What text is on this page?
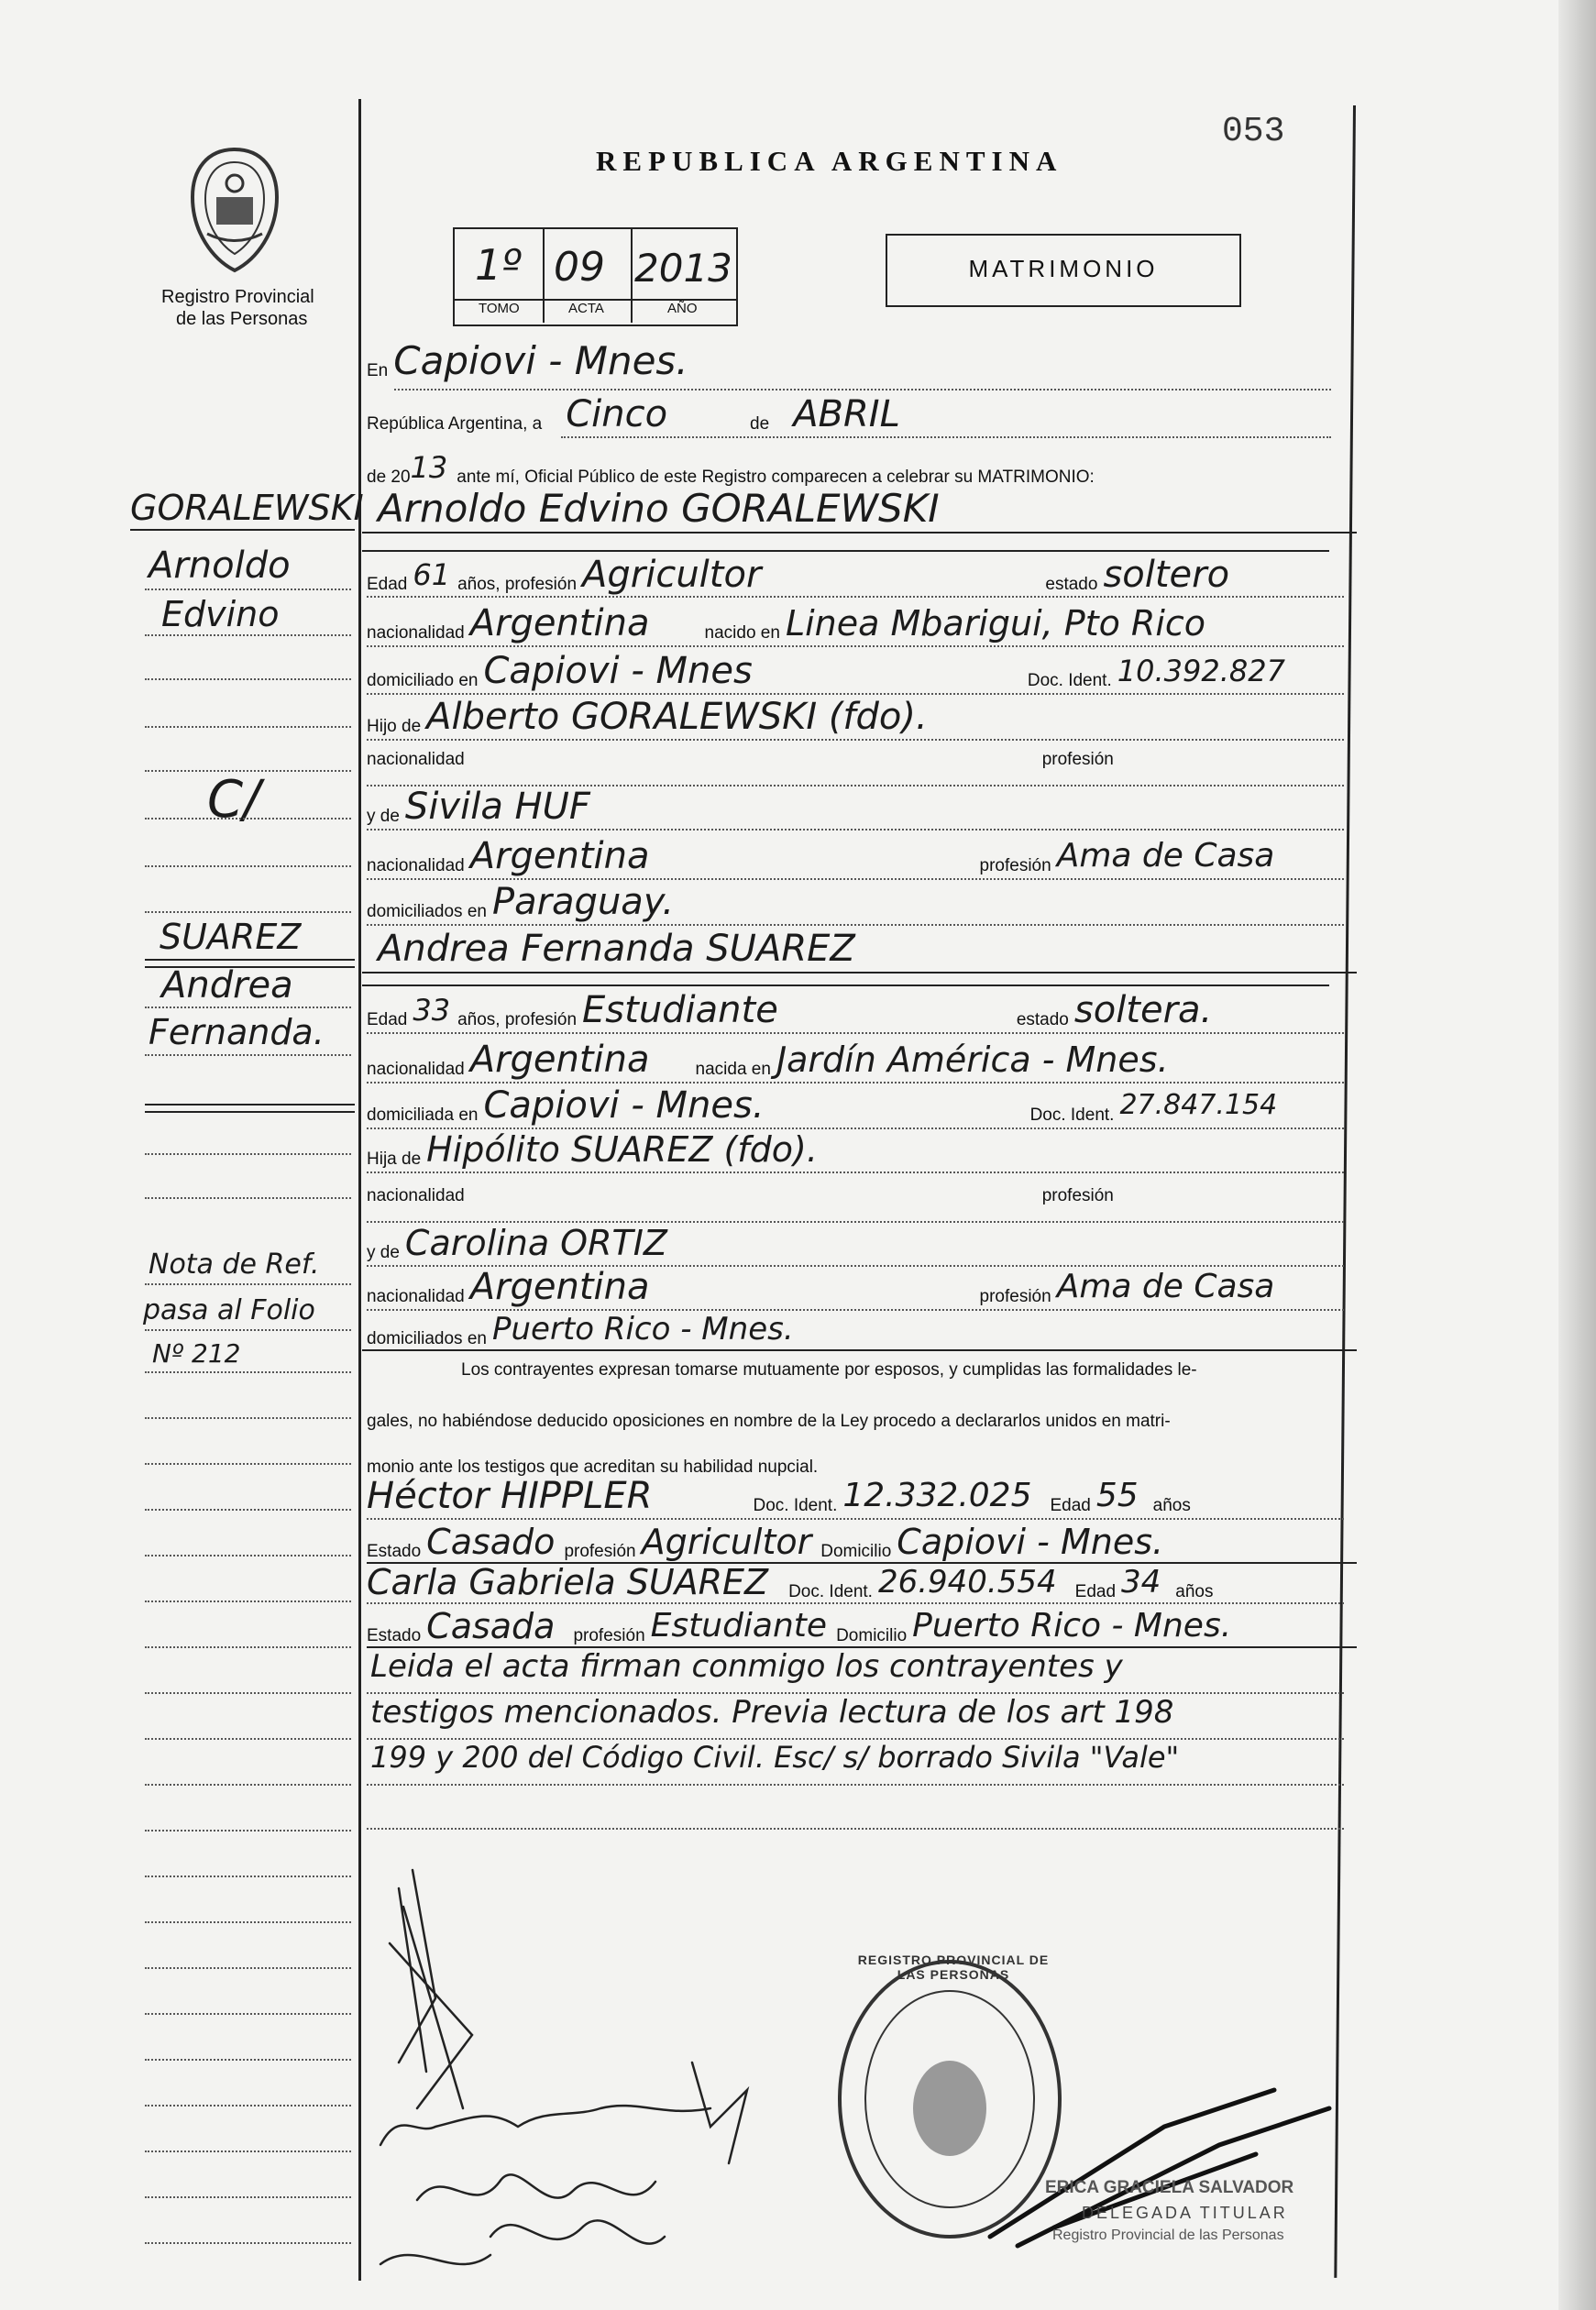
Registro Provincial
de las Personas
REPUBLICA ARGENTINA
053
1º 09 2013
TOMO	ACTA	AÑO
MATRIMONIO
En Capiovi - Mnes.
República Argentina, a Cinco	de ABRIL
de 20 13 ante mí, Oficial Público de este Registro comparecen a celebrar su MATRIMONIO:
GORALEWSKI Arnoldo Edvino GORALEWSKI
Arnoldo
Edvino
Edad 61 años, profesión Agricultor	estado soltero
nacionalidad Argentina	nacido en Linea Mbarigui, Pto Rico
domiciliado en Capiovi - Mnes	Doc. Ident. 10.392.827
Hijo de Alberto GORALEWSKI (fdo).
nacionalidad	profesión
C/	y de Sivila HUF
nacionalidad Argentina	profesión Ama de Casa
domiciliados en Paraguay.
SUAREZ Andrea Fernanda SUAREZ
Andrea
Fernanda. Edad 33 años, profesión Estudiante	estado soltera.
nacionalidad Argentina	nacida en Jardín América - Mnes.
domiciliada en Capiovi - Mnes.	Doc. Ident. 27.847.154
Hija de Hipólito SUAREZ (fdo).
nacionalidad	profesión
y de Carolina ORTIZ
Nota de Ref.
pasa al Folio
Nº 212
nacionalidad Argentina	profesión Ama de Casa
domiciliados en Puerto Rico - Mnes.
Los contrayentes expresan tomarse mutuamente por esposos, y cumplidas las formalidades le-
gales, no habiéndose deducido oposiciones en nombre de la Ley procedo a declararlos unidos en matri-
monio ante los testigos que acreditan su habilidad nupcial.
Héctor HIPPLER	Doc. Ident. 12.332.025 Edad 55 años
Estado Casado profesión Agricultor Domicilio Capiovi - Mnes.
Carla Gabriela SUAREZ Doc. Ident. 26.940.554 Edad 34 años
Estado Casada profesión Estudiante Domicilio Puerto Rico - Mnes.
Leida el acta firman conmigo los contrayentes y
testigos mencionados. Previa lectura de los art 198
199 y 200 del Código Civil. Esc/ s/ borrado Sivila "Vale"
REGISTRO PROVINCIAL DE LAS PERSONAS
ERICA GRACIELA SALVADOR
DELEGADA TITULAR
Registro Provincial de las Personas
